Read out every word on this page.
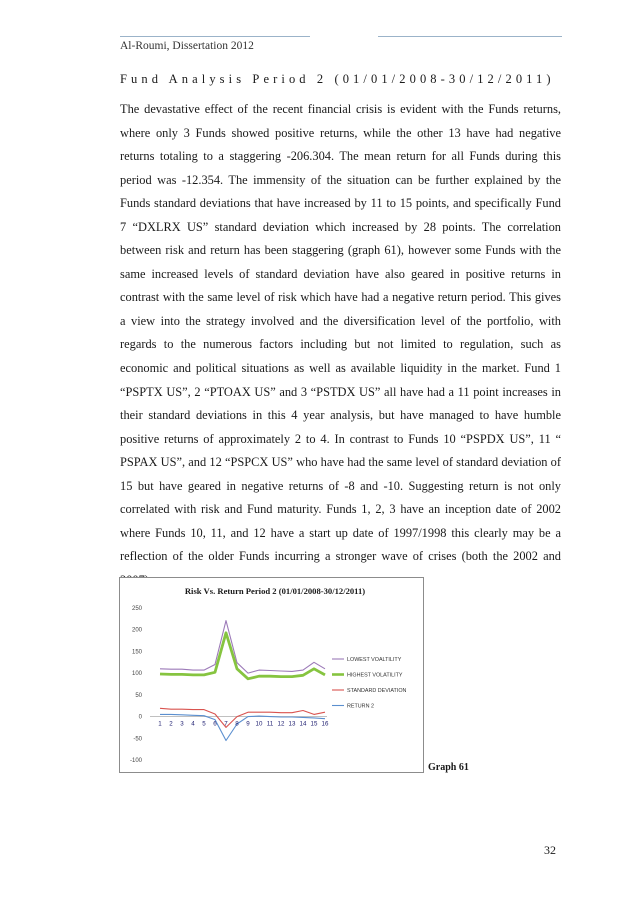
Al-Roumi, Dissertation 2012
Fund Analysis Period 2 (01/01/2008-30/12/2011)

The devastative effect of the recent financial crisis is evident with the Funds returns, where only 3 Funds showed positive returns, while the other 13 have had negative returns totaling to a staggering -206.304. The mean return for all Funds during this period was -12.354. The immensity of the situation can be further explained by the Funds standard deviations that have increased by 11 to 15 points, and specifically Fund 7 “DXLRX US” standard deviation which increased by 28 points. The correlation between risk and return has been staggering (graph 61), however some Funds with the same increased levels of standard deviation have also geared in positive returns in contrast with the same level of risk which have had a negative return period. This gives a view into the strategy involved and the diversification level of the portfolio, with regards to the numerous factors including but not limited to regulation, such as economic and political situations as well as available liquidity in the market. Fund 1 “PSPTX US”, 2 “PTOAX US” and 3 “PSTDX US” all have had a 11 point increases in their standard deviations in this 4 year analysis, but have managed to have humble positive returns of approximately 2 to 4. In contrast to Funds 10 “PSPDX US”, 11 “ PSPAX US”, and 12 “PSPCX US” who have had the same level of standard deviation of 15 but have geared in negative returns of -8 and -10. Suggesting return is not only correlated with risk and Fund maturity. Funds 1, 2, 3 have an inception date of 2002 where Funds 10, 11, and 12 have a start up date of 1997/1998 this clearly may be a reflection of the older Funds incurring a stronger wave of crises (both the 2002 and

Risk Vs. Return Period 2 (01/01/2008-30/12/2011)
250
200
150
100
50
0
-50
-100
1 2 3 4 5 6 7 8 9 10 11 12 13 14 15 16
LOWEST VOALTILITY
HIGHEST VOLATILITY
STANDARD DEVIATION
RETURN 2
Graph 61
32
